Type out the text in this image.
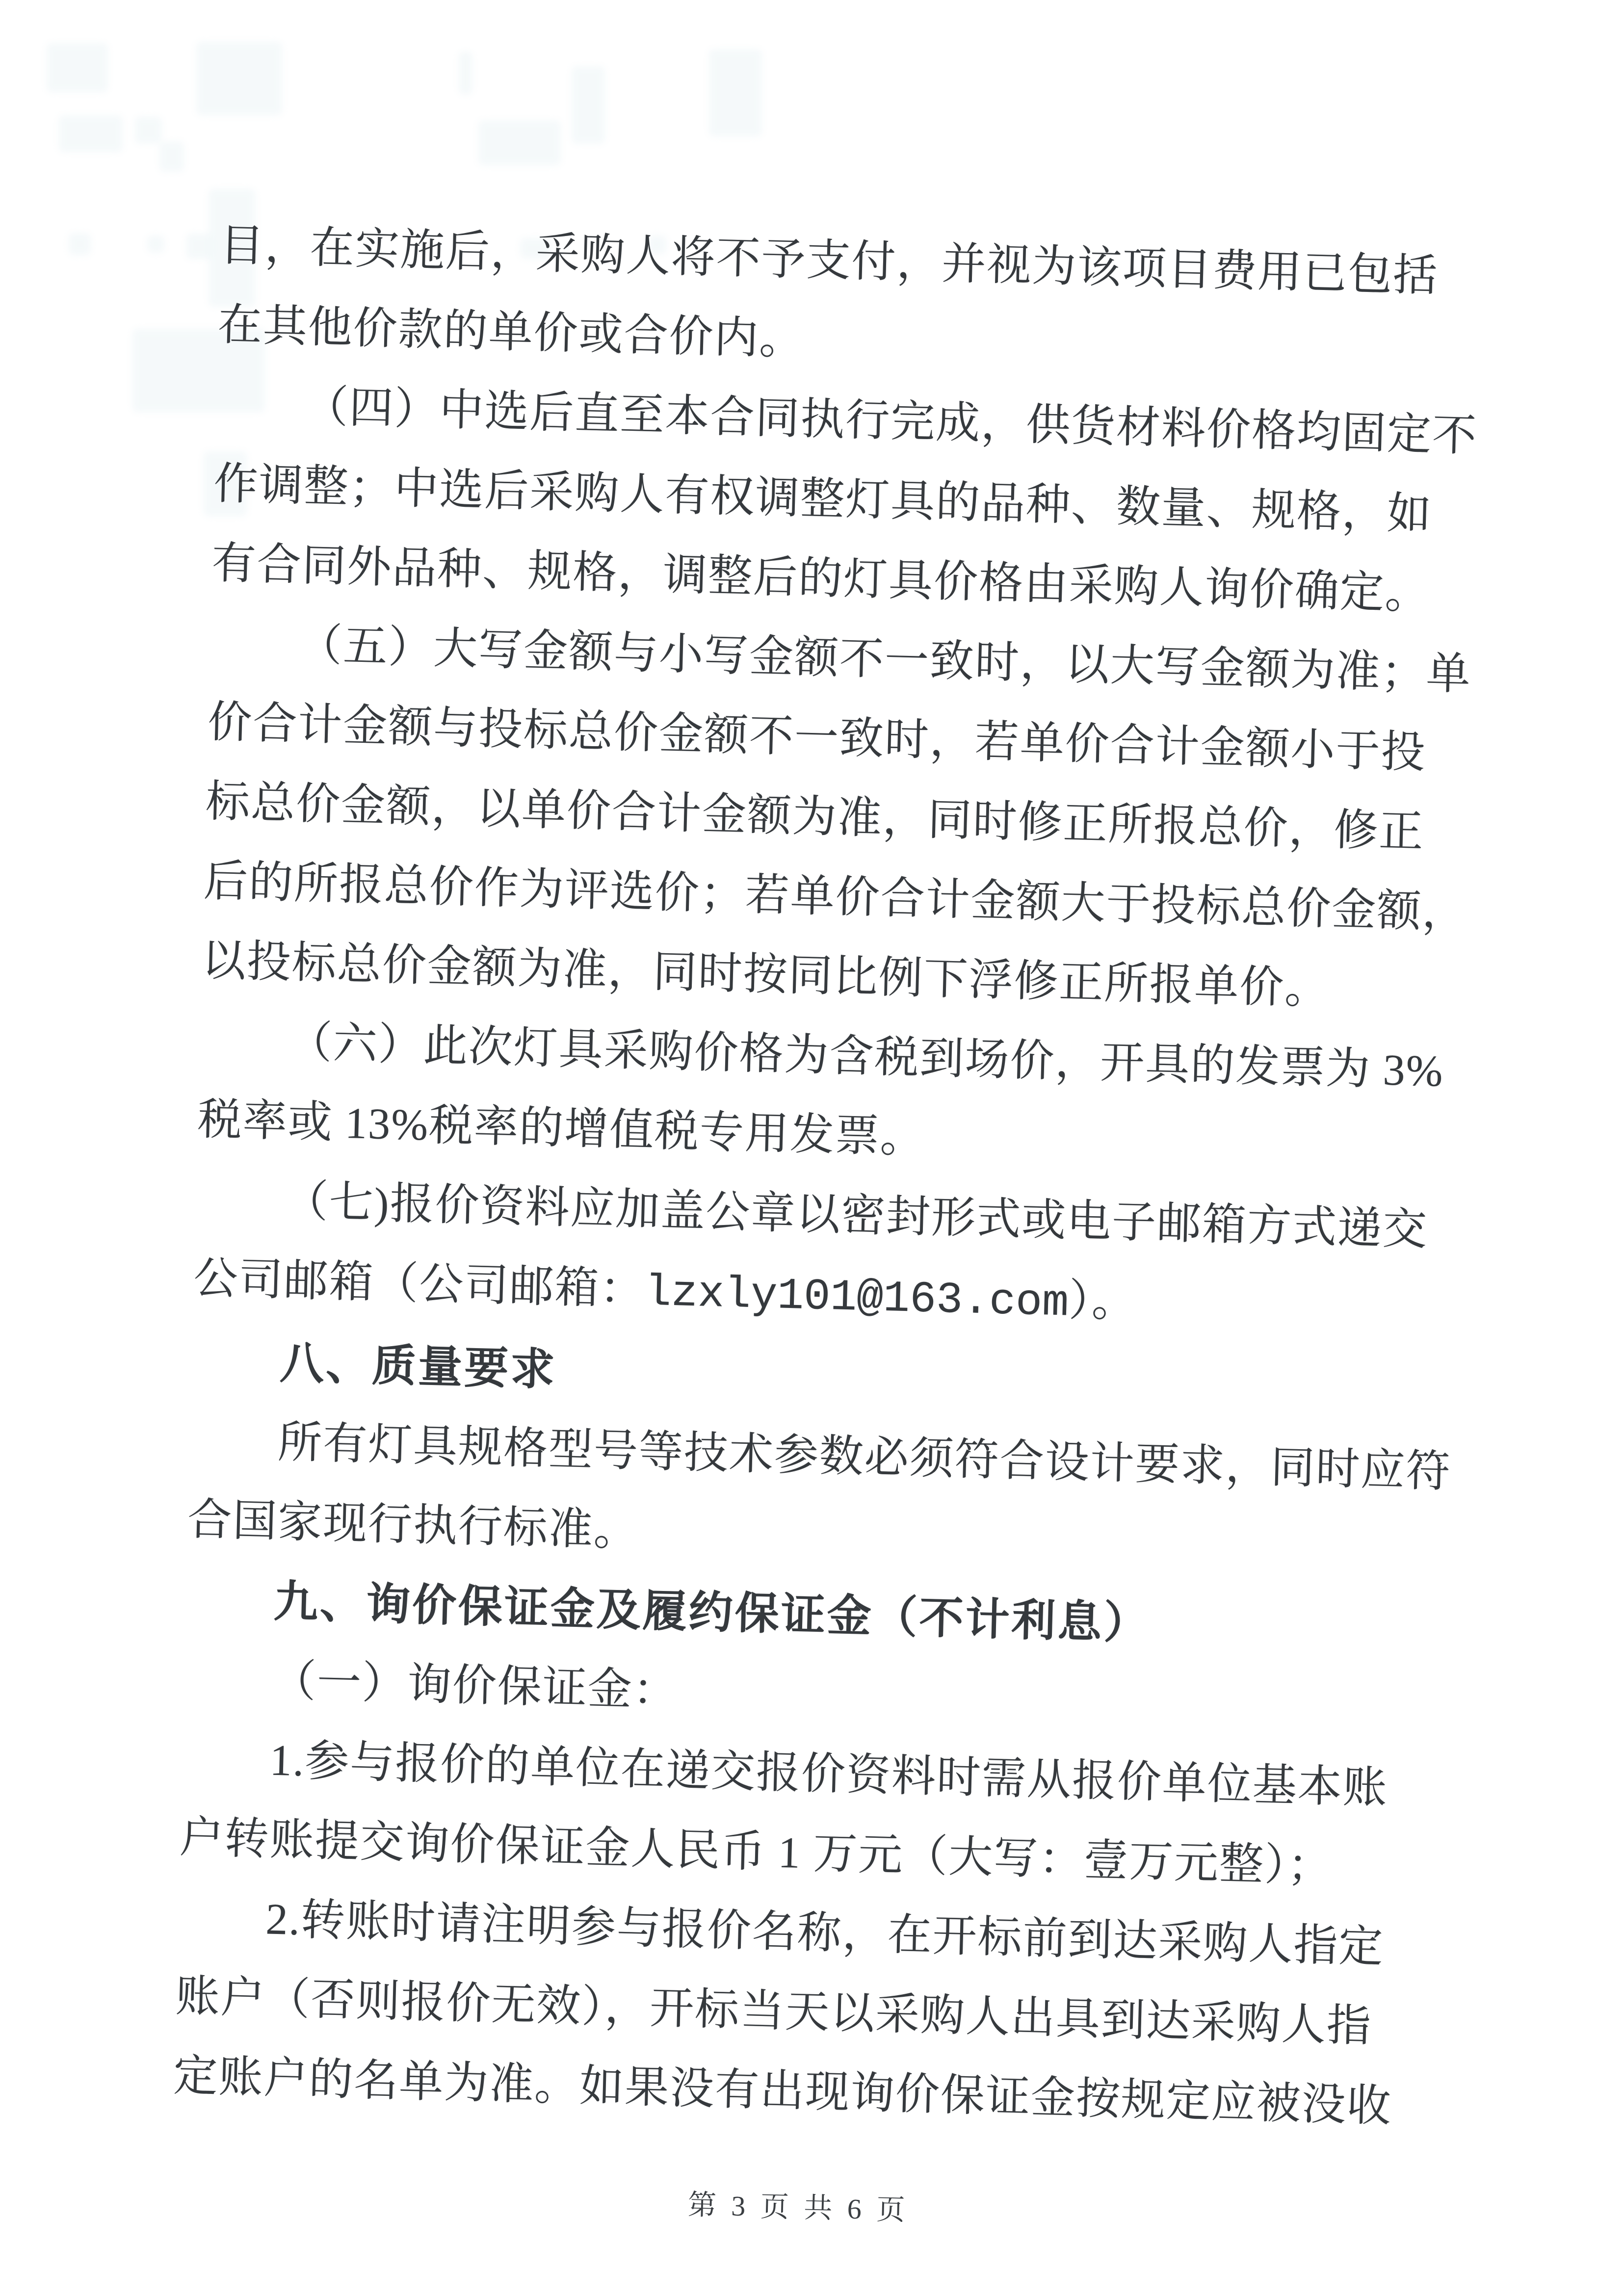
目，在实施后，采购人将不予支付，并视为该项目费用已包括
在其他价款的单价或合价内。
（四）中选后直至本合同执行完成，供货材料价格均固定不
作调整；中选后采购人有权调整灯具的品种、数量、规格，如
有合同外品种、规格，调整后的灯具价格由采购人询价确定。
（五）大写金额与小写金额不一致时，以大写金额为准；单
价合计金额与投标总价金额不一致时，若单价合计金额小于投
标总价金额，以单价合计金额为准，同时修正所报总价，修正
后的所报总价作为评选价；若单价合计金额大于投标总价金额，
以投标总价金额为准，同时按同比例下浮修正所报单价。
（六）此次灯具采购价格为含税到场价，开具的发票为 3%
税率或 13%税率的增值税专用发票。
（七)报价资料应加盖公章以密封形式或电子邮箱方式递交
公司邮箱（公司邮箱：lzxly101@163.com）。
八、质量要求
所有灯具规格型号等技术参数必须符合设计要求，同时应符
合国家现行执行标准。
九、询价保证金及履约保证金（不计利息）
（一）询价保证金：
1.参与报价的单位在递交报价资料时需从报价单位基本账
户转账提交询价保证金人民币 1 万元（大写：壹万元整）；
2.转账时请注明参与报价名称，在开标前到达采购人指定
账户（否则报价无效），开标当天以采购人出具到达采购人指
定账户的名单为准。如果没有出现询价保证金按规定应被没收
第 3 页 共 6 页
